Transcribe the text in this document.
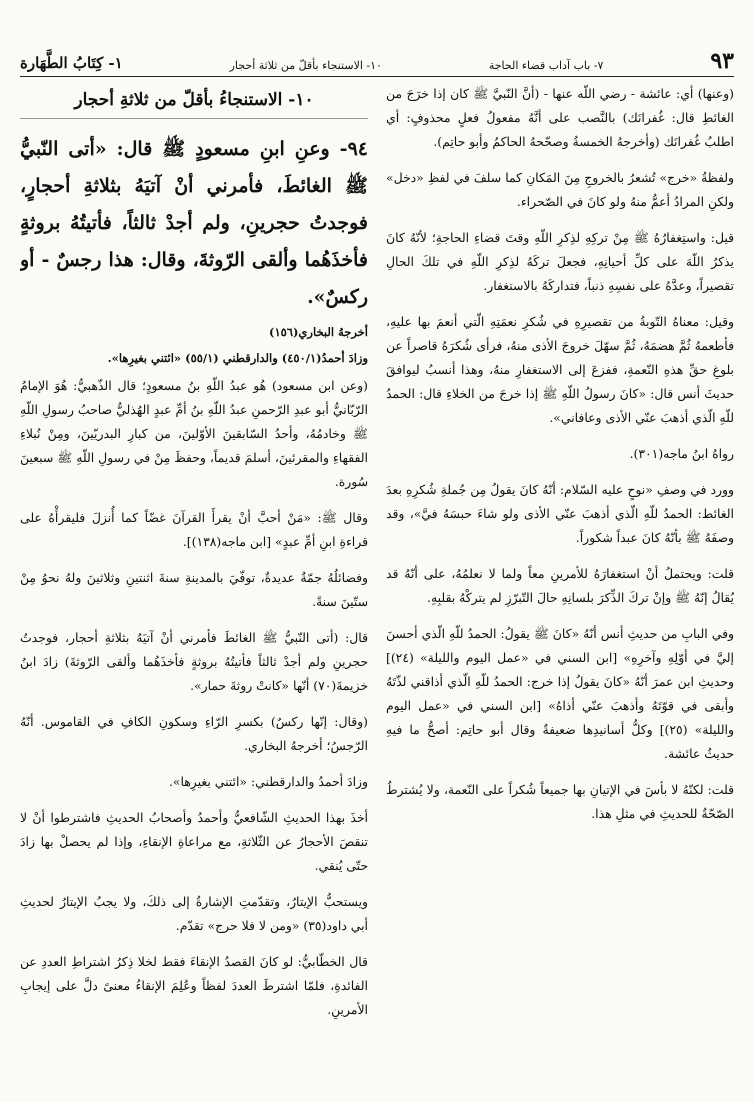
٩٣
٧- باب آداب قضاء الحاجة
١٠- الاستنجاء بأقلّ من ثلاثة أحجار
١- كِتَابُ الطَّهَارة

(وعنها) أي: عائشة - رضي اللّه عنها - (أنَّ النّبيَّ ﷺ كان إذا خرَجَ من الغائطِ قال: غُفرانَك) بالنَّصب على أنَّهُ مفعولُ فعلٍ محذوفٍ: أي اطلبُ غُفرانَك (وأخرجهُ الخمسةُ وصحّحهُ الحاكمُ وأبو حاتِم).

ولفظةُ «خرج» تُشعرُ بالخروجِ مِنَ المَكانِ كما سلفَ في لفظِ «دخل» ولكنِ المرادُ أعمُّ منهُ ولو كانَ في الصّحراء.

قيل: واستِغفارُهُ ﷺ مِنْ تركِهِ لذِكرِ اللّهِ وقتَ قضاءِ الحاجةِ؛ لأنّهُ كانَ يذكرُ اللّهَ على كلِّ أحيانِهِ، فجعلَ تركَهُ لذِكرِ اللّهِ في تلكَ الحالِ تقصيراً، وعدَّهُ على نفسِهِ ذنباً، فتداركَهُ بالاستغفار.

وقيل: معناهُ التّوبةُ من تقصيرِهِ في شُكرِ نعمَتِهِ الّتي أنعمَ بها عليهِ، فأطعمهُ ثُمَّ هضمَهُ، ثُمَّ سهّلَ خروجَ الأذى منهُ، فرأى شُكرَهُ قاصراً عن بلوغِ حقِّ هذهِ النّعمةِ، ففزعَ إلى الاستغفارِ منهُ، وهذا أنسبُ ليوافقَ حديثَ أنس قال: «كانَ رسولُ اللّهِ ﷺ إذا خرجَ من الخلاءِ قال: الحمدُ للّهِ الّذي أذهبَ عنّي الأذى وعافاني».

رواهُ ابنُ ماجه(٣٠١).

وورد في وصفِ «نوحٍ عليه السّلام: أنّهُ كانَ يقولُ مِن جُملةِ شُكرِهِ بعدَ الغائط: الحمدُ للّهِ الّذي أذهبَ عنّي الأذى ولو شاءَ حبسَهُ فيَّ»، وقد وصفَهُ ﷺ بأنّهُ كانَ عبداً شكوراً.

قلت: ويحتملُ أنْ استغفارَهُ للأمرينِ معاً ولما لا نعلمُهُ، على أنّهُ قد يُقالُ إنّهُ ﷺ وإنْ تركَ الذِّكرَ بلسانِهِ حالَ التّبرّزِ لم يتركْهُ بقلبِهِ.

وفي البابِ من حديثِ أنس أنّهُ «كانَ ﷺ يقولُ: الحمدُ للّهِ الّذي أحسنَ إليَّ في أوّلِهِ وآخرِهِ» [ابن السني في «عمل اليوم والليلة» (٢٤)] وحديثِ ابن عمرَ أنّهُ «كانَ يقولُ إذا خرج: الحمدُ للّهِ الّذي أذاقني لذّتَهُ وأبقى في قوّتَهُ وأذهبَ عنّي أذاهُ» [ابن السني في «عمل اليوم والليلة» (٢٥)] وكلُّ أسانيدِها ضعيفةٌ وقال أبو حاتِم: أصحُّ ما فيهِ حديثُ عائشة.

قلت: لكنّهُ لا بأسَ في الإتيانِ بها جميعاً شُكراً على النّعمة، ولا يُشترطُ الصّحّةُ للحديثِ في مثلِ هذا.

١٠- الاستنجاءُ بأقلّ من ثلاثةِ أحجار
٩٤- وعنِ ابنِ مسعودٍ ﷺ قال: «أتى النّبيُّ ﷺ الغائطَ، فأمرني أنْ آتيَهُ بثلاثةِ أحجارٍ، فوجدتُ حجرينِ، ولم أجدْ ثالثاً، فأتيتُهُ بروثةٍ فأخذَهُما وألقى الرّوثةَ، وقال: هذا رجسٌ - أو ركسٌ».
أخرجهُ البخاري(١٥٦)
وزادَ أحمدُ(٤٥٠/١) والدارقطني (٥٥/١) «ائتني بغيرِها».

(وعن ابن مسعود) هُو عبدُ اللّهِ بنُ مسعودٍ؛ قال الذّهبيُّ: هُوَ الإمامُ الرّبّانيُّ أبو عبدِ الرّحمنِ عبدُ اللّهِ بنُ أمِّ عبدٍ الهُذليُّ صاحبُ رسولِ اللّهِ ﷺ وخادمُهُ، وأحدُ السّابقينَ الأوّلينَ، من كبارِ البدريّينَ، ومِنْ نُبلاءِ الفقهاءِ والمقرئينَ، أسلمَ قديماً، وحفظَ مِنْ في رسولِ اللّهِ ﷺ سبعينَ سُورة.

وقال ﷺ: «مَنْ أحبَّ أنْ يقرأَ القرآنَ غضّاً كما أُنزلَ فليقرأْهُ على قراءةِ ابنِ أمِّ عبدٍ» [ابن ماجه(١٣٨)].

وفضائلُهُ جمّةٌ عديدةٌ، توفّيَ بالمدينةِ سنةَ اثنتينِ وثلاثينَ ولهُ نحوُ مِنْ ستّينَ سنةً.

قال: (أتى النّبيُّ ﷺ الغائطَ فأمرني أنْ آتيَهُ بثلاثةِ أحجار، فوجدتُ حجرينِ ولم أجدْ ثالثاً فأتيتُهُ بروثةٍ فأخذَهُما وألقى الرّوثةَ) زادَ ابنُ خزيمةَ(٧٠) أنّها «كانتْ روثةَ حمار».

(وقال: إنّها ركسٌ) بكسرِ الرّاءِ وسكونِ الكافِ في القاموس. أنّهُ الرّجسُ؛ أخرجهُ البخاري.

وزادَ أحمدُ والدارقطني: «ائتني بغيرِها».

أخذَ بهذا الحديثِ الشّافعيُّ وأحمدُ وأصحابُ الحديثِ فاشترطوا أنْ لا تنقصَ الأحجارُ عن الثّلاثةِ، مع مراعاةِ الإنقاءِ، وإذا لم يحصلْ بها زادَ حتّى يُنقي.

ويستحبُّ الإيتارُ، وتقدّمتِ الإشارةُ إلى ذلكَ، ولا يجبُ الإيتارُ لحديثِ أبي داود(٣٥) «ومن لا فلا حرج» تقدّم.

قال الخطّابيُّ: لو كانَ القصدُ الإنقاءَ فقط لخلا ذِكرُ اشتراطِ العددِ عن الفائدةِ، فلمّا اشترطَ العددَ لفظاً وعُلِمَ الإنقاءُ معنىً دلَّ على إيجابِ الأمرينِ.
